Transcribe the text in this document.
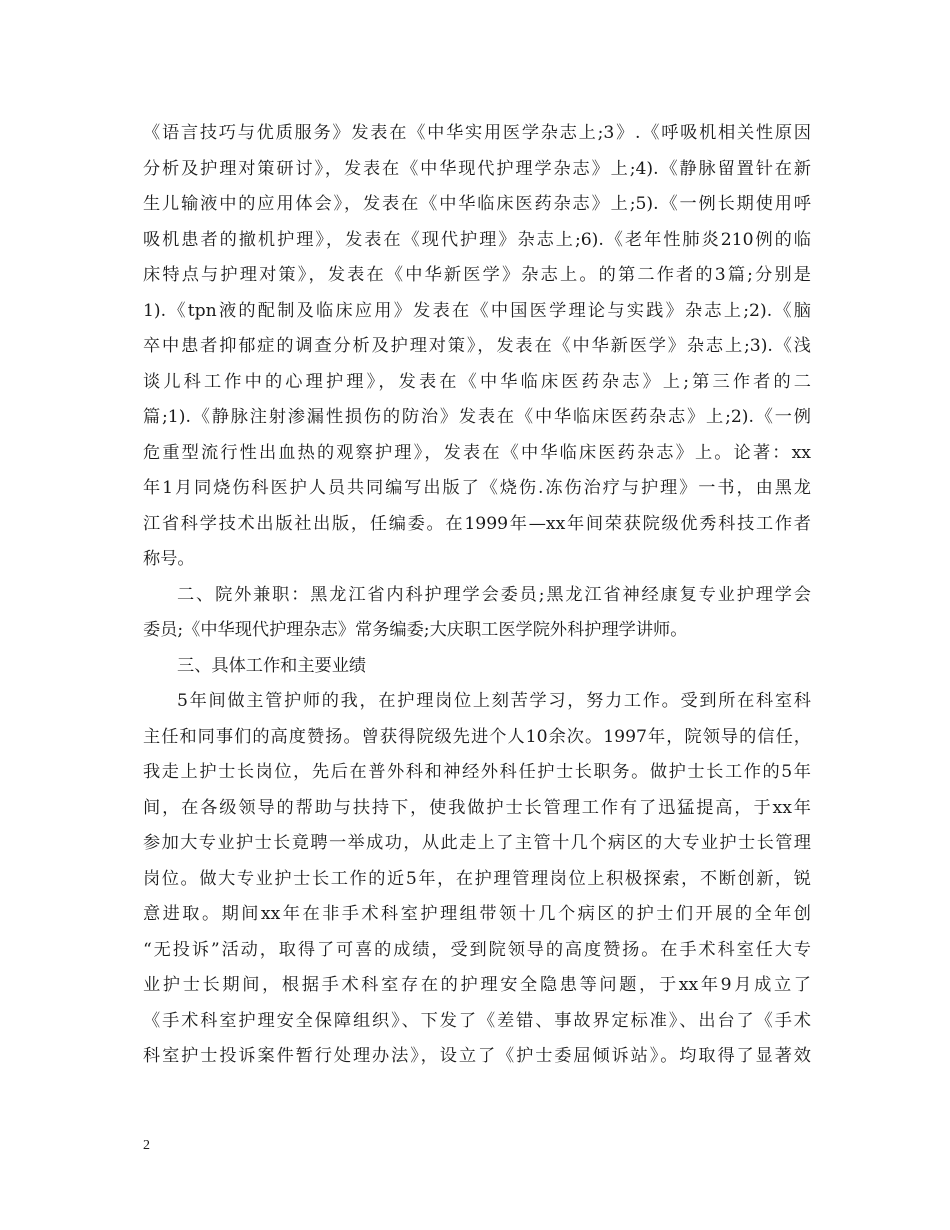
《语言技巧与优质服务》发表在《中华实用医学杂志上;3》.《呼吸机相关性原因
分析及护理对策研讨》，发表在《中华现代护理学杂志》上;4).《静脉留置针在新
生儿输液中的应用体会》，发表在《中华临床医药杂志》上;5).《一例长期使用呼
吸机患者的撤机护理》，发表在《现代护理》杂志上;6).《老年性肺炎210例的临
床特点与护理对策》，发表在《中华新医学》杂志上。的第二作者的3篇;分别是
1).《tpn液的配制及临床应用》发表在《中国医学理论与实践》杂志上;2).《脑
卒中患者抑郁症的调查分析及护理对策》，发表在《中华新医学》杂志上;3).《浅
谈儿科工作中的心理护理》，发表在《中华临床医药杂志》上;第三作者的二
篇;1).《静脉注射渗漏性损伤的防治》发表在《中华临床医药杂志》上;2).《一例
危重型流行性出血热的观察护理》，发表在《中华临床医药杂志》上。论著：xx
年1月同烧伤科医护人员共同编写出版了《烧伤.冻伤治疗与护理》一书，由黑龙
江省科学技术出版社出版，任编委。在1999年—xx年间荣获院级优秀科技工作者
称号。
二、院外兼职：黑龙江省内科护理学会委员;黑龙江省神经康复专业护理学会
委员;《中华现代护理杂志》常务编委;大庆职工医学院外科护理学讲师。
三、具体工作和主要业绩
5年间做主管护师的我，在护理岗位上刻苦学习，努力工作。受到所在科室科
主任和同事们的高度赞扬。曾获得院级先进个人10余次。1997年，院领导的信任，
我走上护士长岗位，先后在普外科和神经外科任护士长职务。做护士长工作的5年
间，在各级领导的帮助与扶持下，使我做护士长管理工作有了迅猛提高，于xx年
参加大专业护士长竟聘一举成功，从此走上了主管十几个病区的大专业护士长管理
岗位。做大专业护士长工作的近5年，在护理管理岗位上积极探索，不断创新，锐
意进取。期间xx年在非手术科室护理组带领十几个病区的护士们开展的全年创
“无投诉”活动，取得了可喜的成绩，受到院领导的高度赞扬。在手术科室任大专
业护士长期间，根据手术科室存在的护理安全隐患等问题，于xx年9月成立了
《手术科室护理安全保障组织》、下发了《差错、事故界定标准》、出台了《手术
科室护士投诉案件暂行处理办法》，设立了《护士委屈倾诉站》。均取得了显著效
2
